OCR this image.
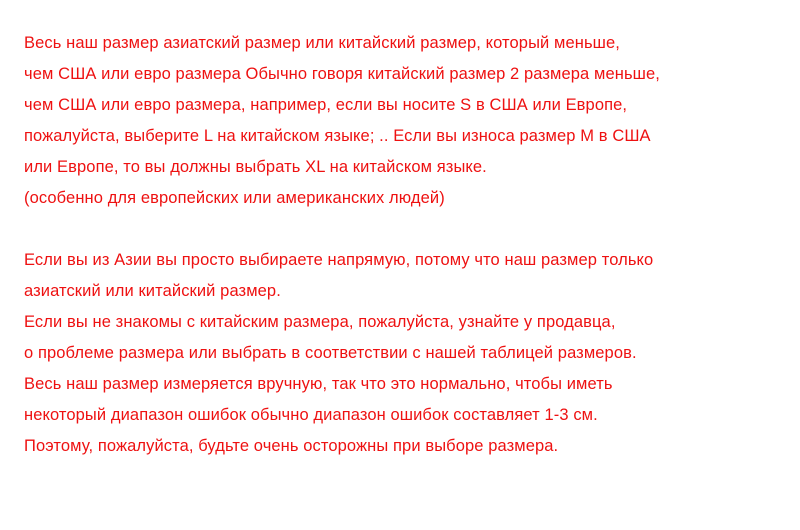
Весь наш размер азиатский размер или китайский размер, который меньше,
чем США или евро размера Обычно говоря китайский размер 2 размера меньше,
чем США или евро размера, например, если вы носите S в США или Европе,
пожалуйста, выберите L на китайском языке; .. Если вы износа размер M в США
или Европе, то вы должны выбрать XL на китайском языке.
(особенно для европейских или американских людей)
Если вы из Азии вы просто выбираете напрямую, потому что наш размер только
азиатский или китайский размер.
Если вы не знакомы с китайским размера, пожалуйста, узнайте у продавца,
о проблеме размера или выбрать в соответствии с нашей таблицей размеров.
Весь наш размер измеряется вручную, так что это нормально, чтобы иметь
некоторый диапазон ошибок обычно диапазон ошибок составляет 1-3 см.
Поэтому, пожалуйста, будьте очень осторожны при выборе размера.
